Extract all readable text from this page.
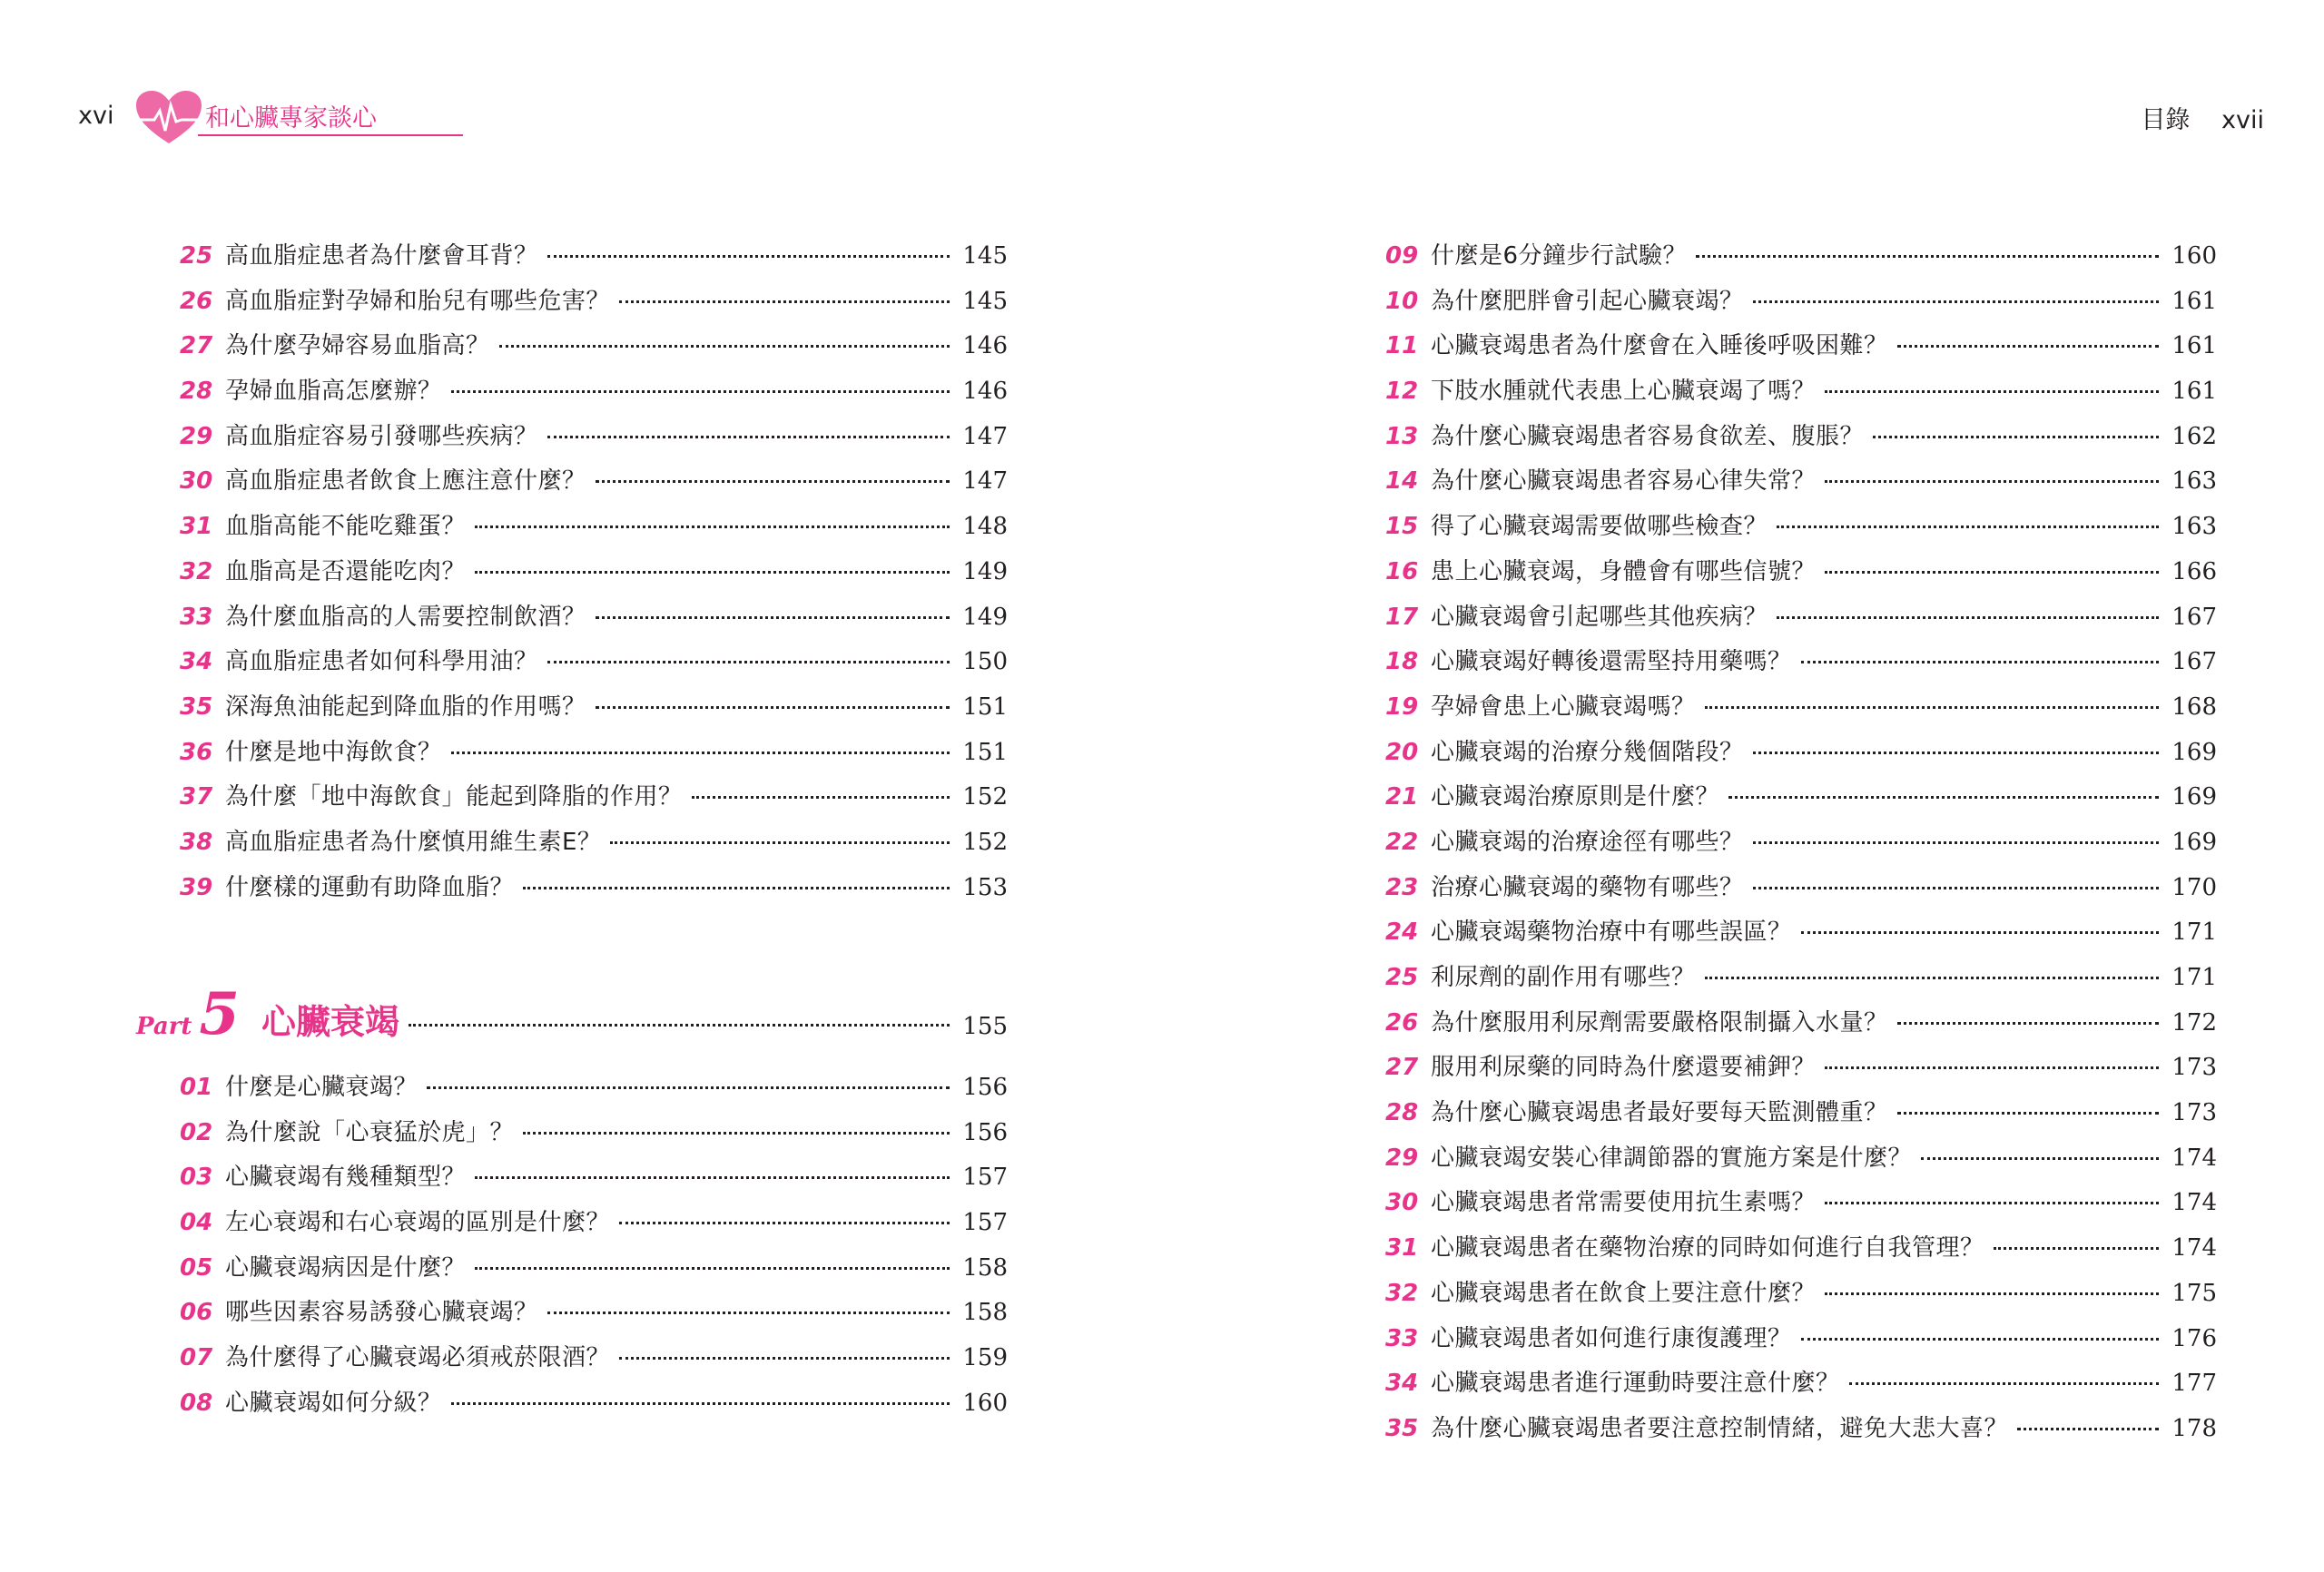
xvi	和心臟專家談心	目錄 xvii
25 高血脂症患者為什麼會耳背？	145
26 高血脂症對孕婦和胎兒有哪些危害？	145
27 為什麼孕婦容易血脂高？	146
28 孕婦血脂高怎麼辦？	146
29 高血脂症容易引發哪些疾病？	147
30 高血脂症患者飲食上應注意什麼？	147
31 血脂高能不能吃雞蛋？	148
32 血脂高是否還能吃肉？	149
33 為什麼血脂高的人需要控制飲酒？	149
34 高血脂症患者如何科學用油？	150
35 深海魚油能起到降血脂的作用嗎？	151
36 什麼是地中海飲食？	151
37 為什麼「地中海飲食」能起到降脂的作用？	152
38 高血脂症患者為什麼慎用維生素E？	152
39 什麼樣的運動有助降血脂？	153
Part 5 心臟衰竭	155
01 什麼是心臟衰竭？	156
02 為什麼說「心衰猛於虎」？	156
03 心臟衰竭有幾種類型？	157
04 左心衰竭和右心衰竭的區別是什麼？	157
05 心臟衰竭病因是什麼？	158
06 哪些因素容易誘發心臟衰竭？	158
07 為什麼得了心臟衰竭必須戒菸限酒？	159
08 心臟衰竭如何分級？	160
09 什麼是6分鐘步行試驗？	160
10 為什麼肥胖會引起心臟衰竭？	161
11 心臟衰竭患者為什麼會在入睡後呼吸困難？	161
12 下肢水腫就代表患上心臟衰竭了嗎？	161
13 為什麼心臟衰竭患者容易食欲差、腹脹？	162
14 為什麼心臟衰竭患者容易心律失常？	163
15 得了心臟衰竭需要做哪些檢查？	163
16 患上心臟衰竭，身體會有哪些信號？	166
17 心臟衰竭會引起哪些其他疾病？	167
18 心臟衰竭好轉後還需堅持用藥嗎？	167
19 孕婦會患上心臟衰竭嗎？	168
20 心臟衰竭的治療分幾個階段？	169
21 心臟衰竭治療原則是什麼？	169
22 心臟衰竭的治療途徑有哪些？	169
23 治療心臟衰竭的藥物有哪些？	170
24 心臟衰竭藥物治療中有哪些誤區？	171
25 利尿劑的副作用有哪些？	171
26 為什麼服用利尿劑需要嚴格限制攝入水量？	172
27 服用利尿藥的同時為什麼還要補鉀？	173
28 為什麼心臟衰竭患者最好要每天監測體重？	173
29 心臟衰竭安裝心律調節器的實施方案是什麼？	174
30 心臟衰竭患者常需要使用抗生素嗎？	174
31 心臟衰竭患者在藥物治療的同時如何進行自我管理？	174
32 心臟衰竭患者在飲食上要注意什麼？	175
33 心臟衰竭患者如何進行康復護理？	176
34 心臟衰竭患者進行運動時要注意什麼？	177
35 為什麼心臟衰竭患者要注意控制情緒，避免大悲大喜？	178
